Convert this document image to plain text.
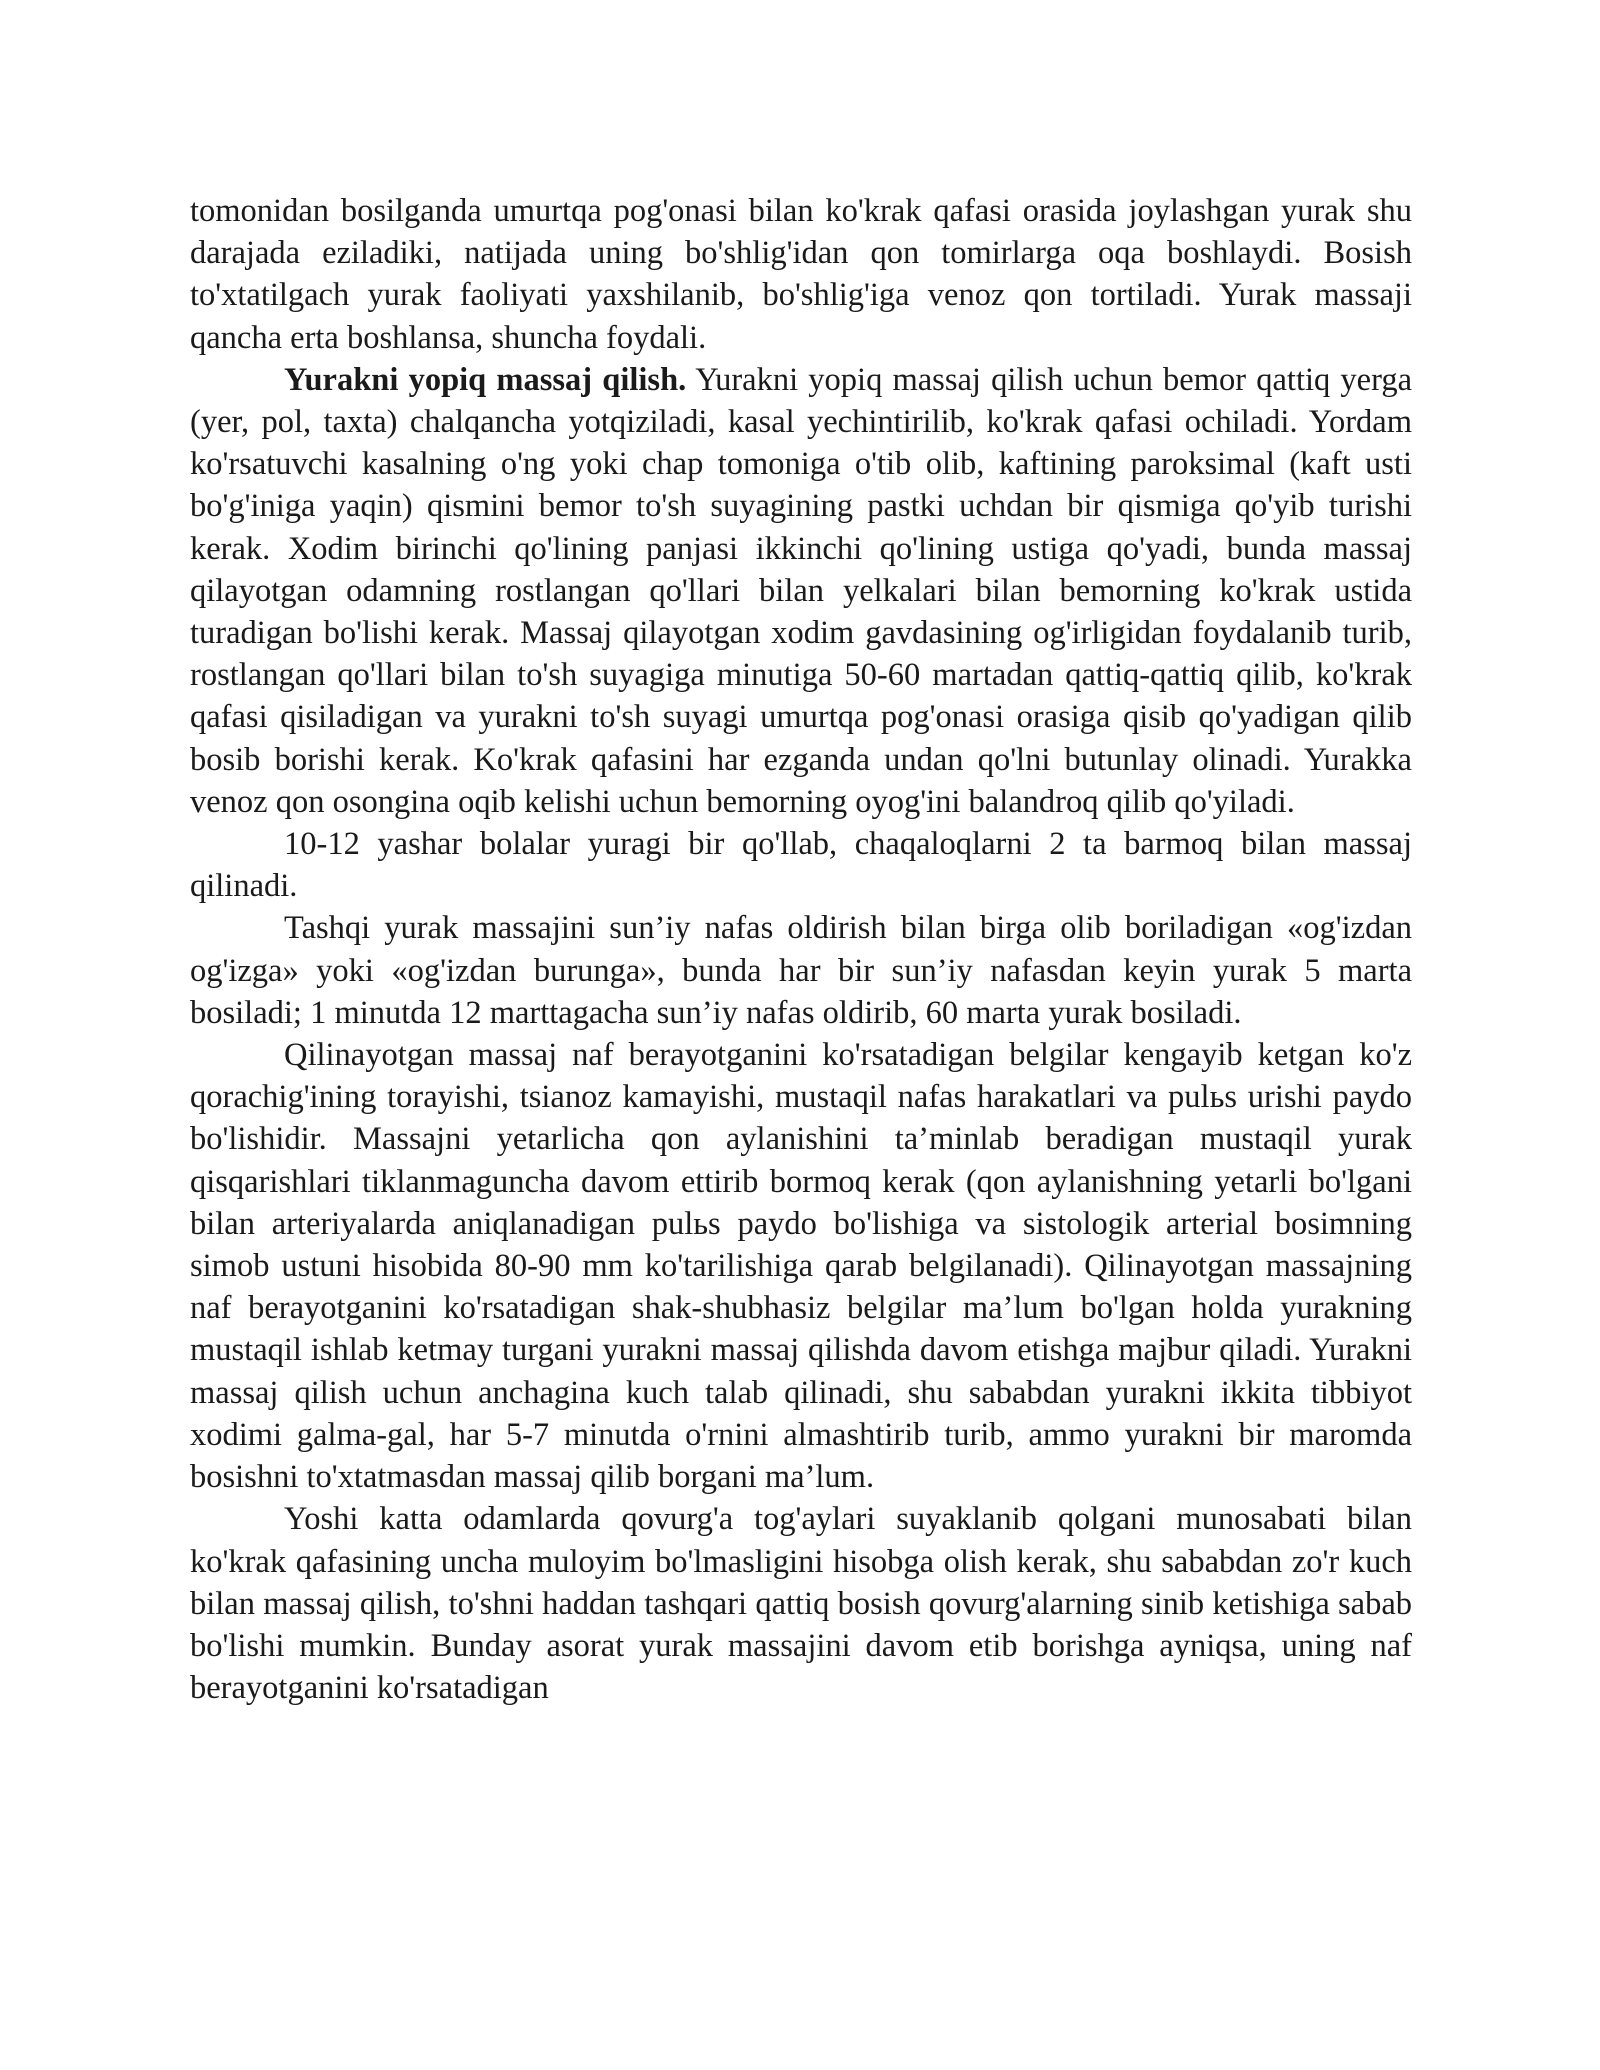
tomonidan bosilganda umurtqa pog'onasi bilan ko'krak qafasi orasida joylashgan yurak shu darajada eziladiki, natijada uning bo'shlig'idan qon tomirlarga oqa boshlaydi. Bosish to'xtatilgach yurak faoliyati yaxshilanib, bo'shlig'iga venoz qon tortiladi. Yurak massaji qancha erta boshlansa, shuncha foydali.

Yurakni yopiq massaj qilish. Yurakni yopiq massaj qilish uchun bemor qattiq yerga (yer, pol, taxta) chalqancha yotqiziladi, kasal yechintirilib, ko'krak qafasi ochiladi. Yordam ko'rsatuvchi kasalning o'ng yoki chap tomoniga o'tib olib, kaftining paroksimal (kaft usti bo'g'iniga yaqin) qismini bemor to'sh suyagining pastki uchdan bir qismiga qo'yib turishi kerak. Xodim birinchi qo'lining panjasi ikkinchi qo'lining ustiga qo'yadi, bunda massaj qilayotgan odamning rostlangan qo'llari bilan yelkalari bilan bemorning ko'krak ustida turadigan bo'lishi kerak. Massaj qilayotgan xodim gavdasining og'irligidan foydalanib turib, rostlangan qo'llari bilan to'sh suyagiga minutiga 50-60 martadan qattiq-qattiq qilib, ko'krak qafasi qisiladigan va yurakni to'sh suyagi umurtqa pog'onasi orasiga qisib qo'yadigan qilib bosib borishi kerak. Ko'krak qafasini har ezganda undan qo'lni butunlay olinadi. Yurakka venoz qon osongina oqib kelishi uchun bemorning oyog'ini balandroq qilib qo'yiladi.

10-12 yashar bolalar yuragi bir qo'llab, chaqaloqlarni 2 ta barmoq bilan massaj qilinadi.

Tashqi yurak massajini sun’iy nafas oldirish bilan birga olib boriladigan «og'izdan og'izga» yoki «og'izdan burunga», bunda har bir sun’iy nafasdan keyin yurak 5 marta bosiladi; 1 minutda 12 marttagacha sun’iy nafas oldirib, 60 marta yurak bosiladi.

Qilinayotgan massaj naf berayotganini ko'rsatadigan belgilar kengayib ketgan ko'z qorachig'ining torayishi, tsianoz kamayishi, mustaqil nafas harakatlari va pulьs urishi paydo bo'lishidir. Massajni yetarlicha qon aylanishini ta’minlab beradigan mustaqil yurak qisqarishlari tiklanmaguncha davom ettirib bormoq kerak (qon aylanishning yetarli bo'lgani bilan arteriyalarda aniqlanadigan pulьs paydo bo'lishiga va sistologik arterial bosimning simob ustuni hisobida 80-90 mm ko'tarilishiga qarab belgilanadi). Qilinayotgan massajning naf berayotganini ko'rsatadigan shak-shubhasiz belgilar ma’lum bo'lgan holda yurakning mustaqil ishlab ketmay turgani yurakni massaj qilishda davom etishga majbur qiladi. Yurakni massaj qilish uchun anchagina kuch talab qilinadi, shu sababdan yurakni ikkita tibbiyot xodimi galma-gal, har 5-7 minutda o'rnini almashtirib turib, ammo yurakni bir maromda bosishni to'xtatmasdan massaj qilib borgani ma’lum.

Yoshi katta odamlarda qovurg'a tog'aylari suyaklanib qolgani munosabati bilan ko'krak qafasining uncha muloyim bo'lmasligini hisobga olish kerak, shu sababdan zo'r kuch bilan massaj qilish, to'shni haddan tashqari qattiq bosish qovurg'alarning sinib ketishiga sabab bo'lishi mumkin. Bunday asorat yurak massajini davom etib borishga ayniqsa, uning naf berayotganini ko'rsatadigan
